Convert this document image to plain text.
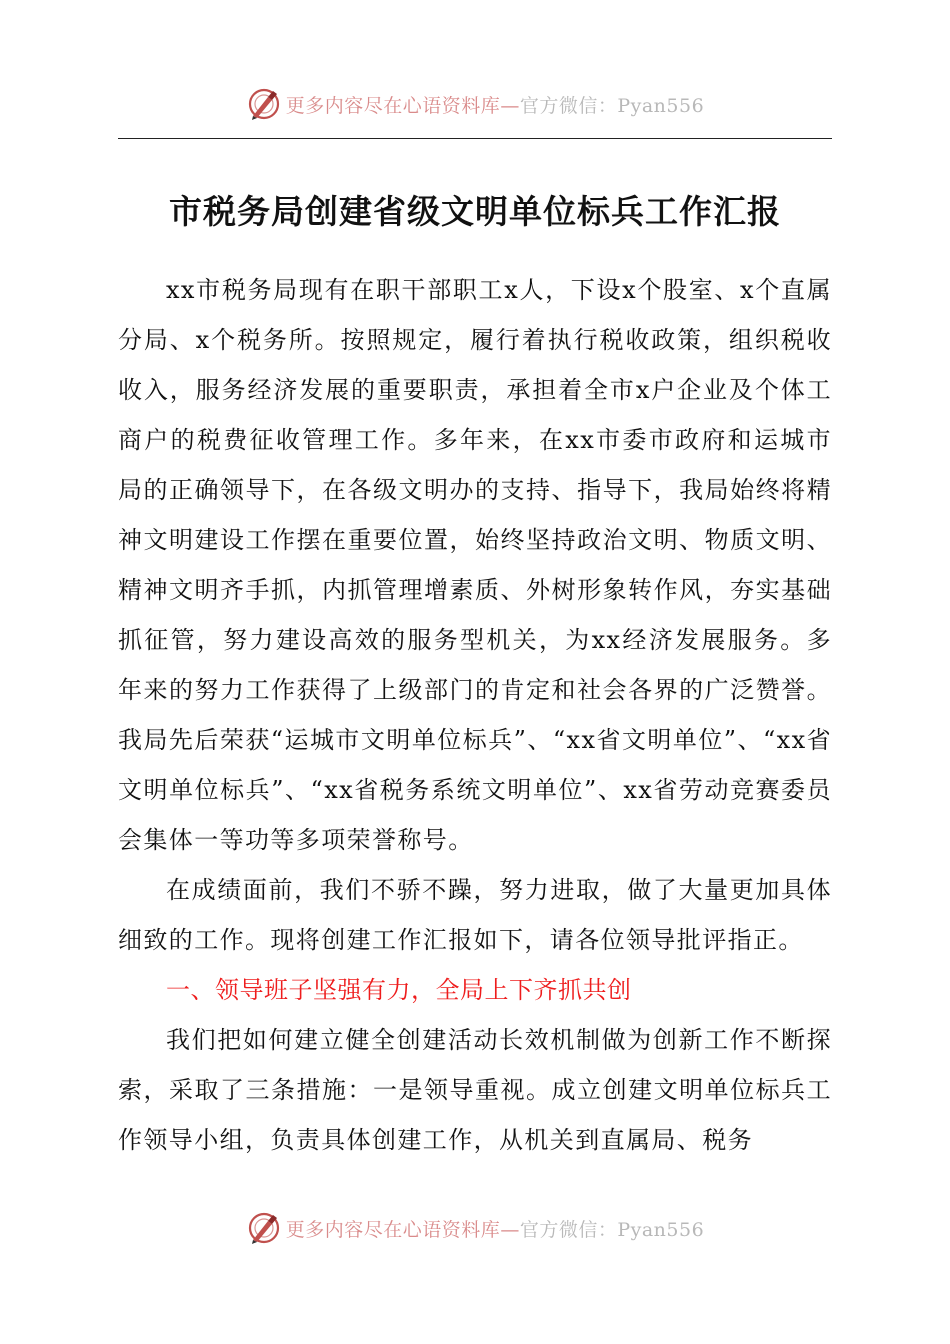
更多内容尽在心语资料库—官方微信：Pyan556
市税务局创建省级文明单位标兵工作汇报

xx市税务局现有在职干部职工x人，下设x个股室、x个直属分局、x个税务所。按照规定，履行着执行税收政策，组织税收收入，服务经济发展的重要职责，承担着全市x户企业及个体工商户的税费征收管理工作。多年来，在xx市委市政府和运城市局的正确领导下，在各级文明办的支持、指导下，我局始终将精神文明建设工作摆在重要位置，始终坚持政治文明、物质文明、精神文明齐手抓，内抓管理增素质、外树形象转作风，夯实基础抓征管，努力建设高效的服务型机关，为xx经济发展服务。多年来的努力工作获得了上级部门的肯定和社会各界的广泛赞誉。我局先后荣获“运城市文明单位标兵”、“xx省文明单位”、“xx省文明单位标兵”、“xx省税务系统文明单位”、xx省劳动竞赛委员会集体一等功等多项荣誉称号。

在成绩面前，我们不骄不躁，努力进取，做了大量更加具体细致的工作。现将创建工作汇报如下，请各位领导批评指正。

一、领导班子坚强有力，全局上下齐抓共创

我们把如何建立健全创建活动长效机制做为创新工作不断探索，采取了三条措施：一是领导重视。成立创建文明单位标兵工作领导小组，负责具体创建工作，从机关到直属局、税务

更多内容尽在心语资料库—官方微信：Pyan556
